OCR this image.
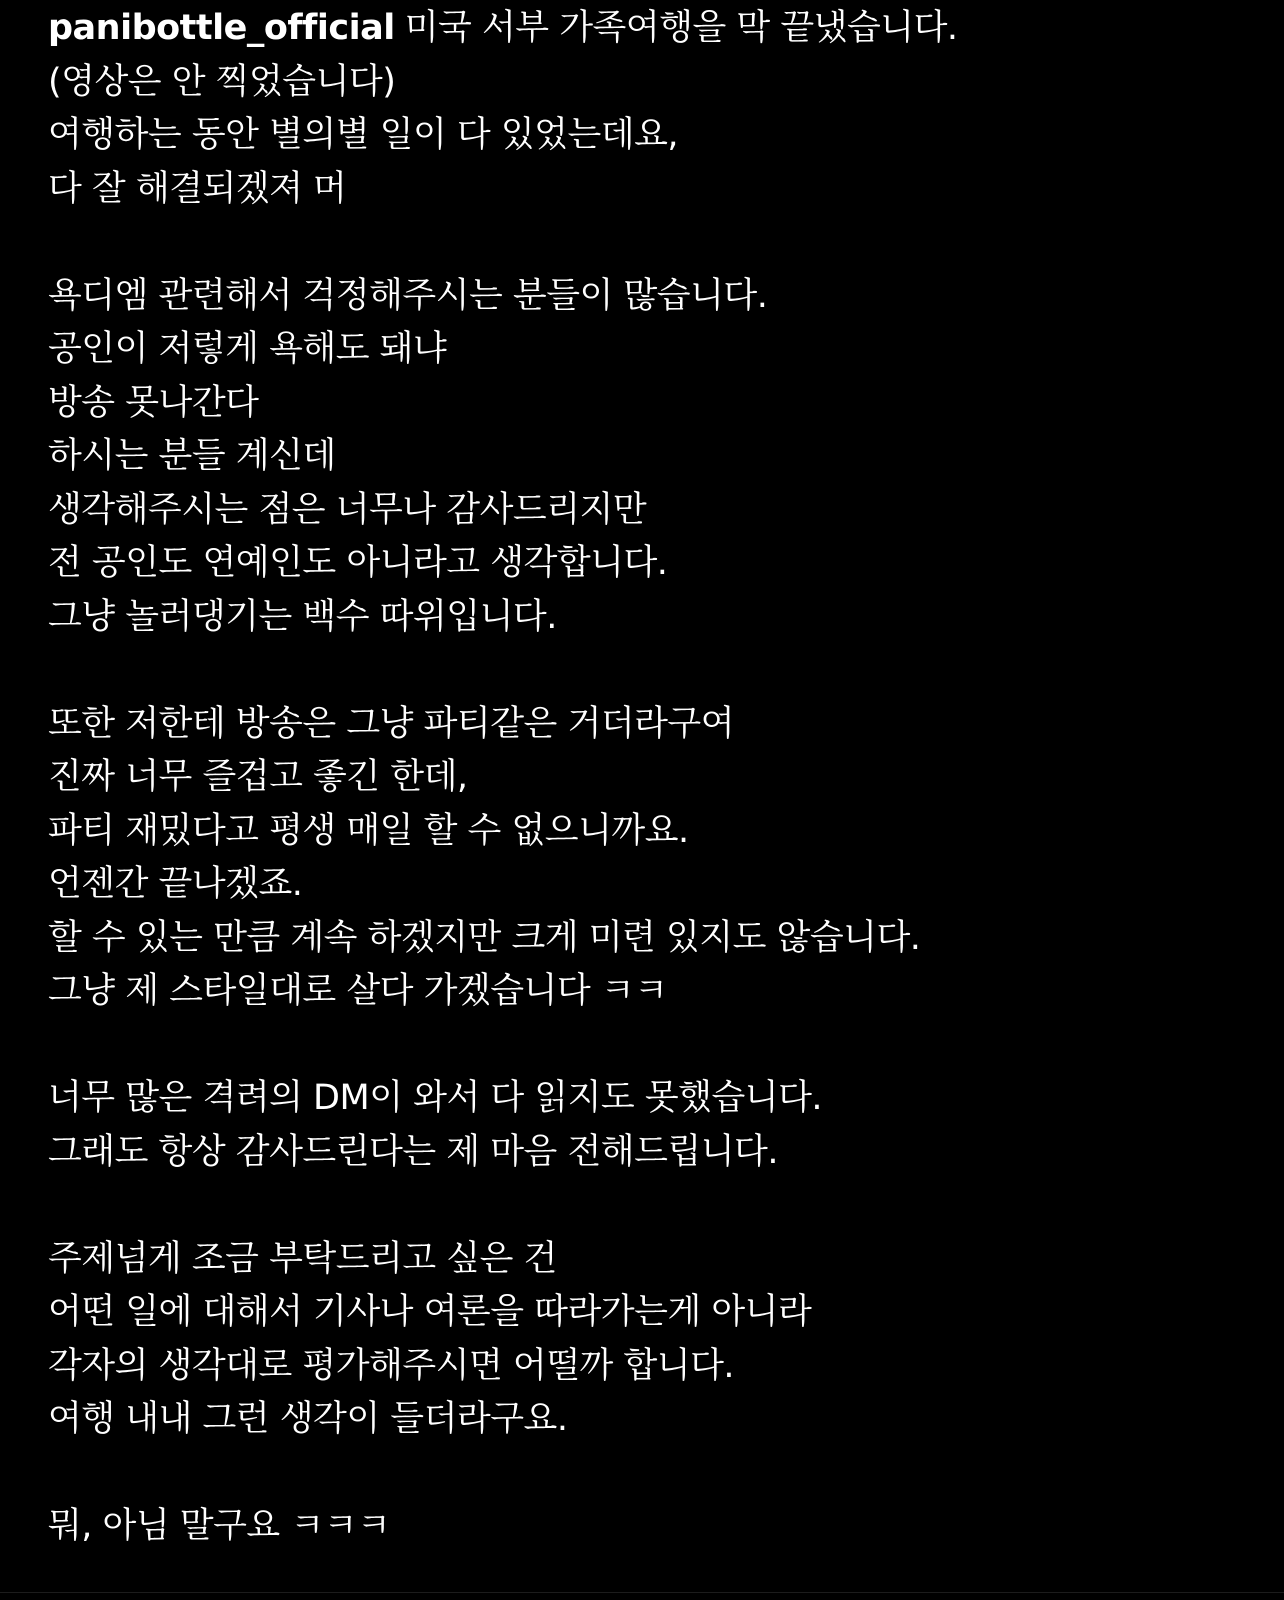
panibottle_official 미국 서부 가족여행을 막 끝냈습니다.
(영상은 안 찍었습니다)
여행하는 동안 별의별 일이 다 있었는데요,
다 잘 해결되겠져 머
욕디엠 관련해서 걱정해주시는 분들이 많습니다.
공인이 저렇게 욕해도 돼냐
방송 못나간다
하시는 분들 계신데
생각해주시는 점은 너무나 감사드리지만
전 공인도 연예인도 아니라고 생각합니다.
그냥 놀러댕기는 백수 따위입니다.
또한 저한테 방송은 그냥 파티같은 거더라구여
진짜 너무 즐겁고 좋긴 한데,
파티 재밌다고 평생 매일 할 수 없으니까요.
언젠간 끝나겠죠.
할 수 있는 만큼 계속 하겠지만 크게 미련 있지도 않습니다.
그냥 제 스타일대로 살다 가겠습니다 ㅋㅋ
너무 많은 격려의 DM이 와서 다 읽지도 못했습니다.
그래도 항상 감사드린다는 제 마음 전해드립니다.
주제넘게 조금 부탁드리고 싶은 건
어떤 일에 대해서 기사나 여론을 따라가는게 아니라
각자의 생각대로 평가해주시면 어떨까 합니다.
여행 내내 그런 생각이 들더라구요.
뭐, 아님 말구요 ㅋㅋㅋ
